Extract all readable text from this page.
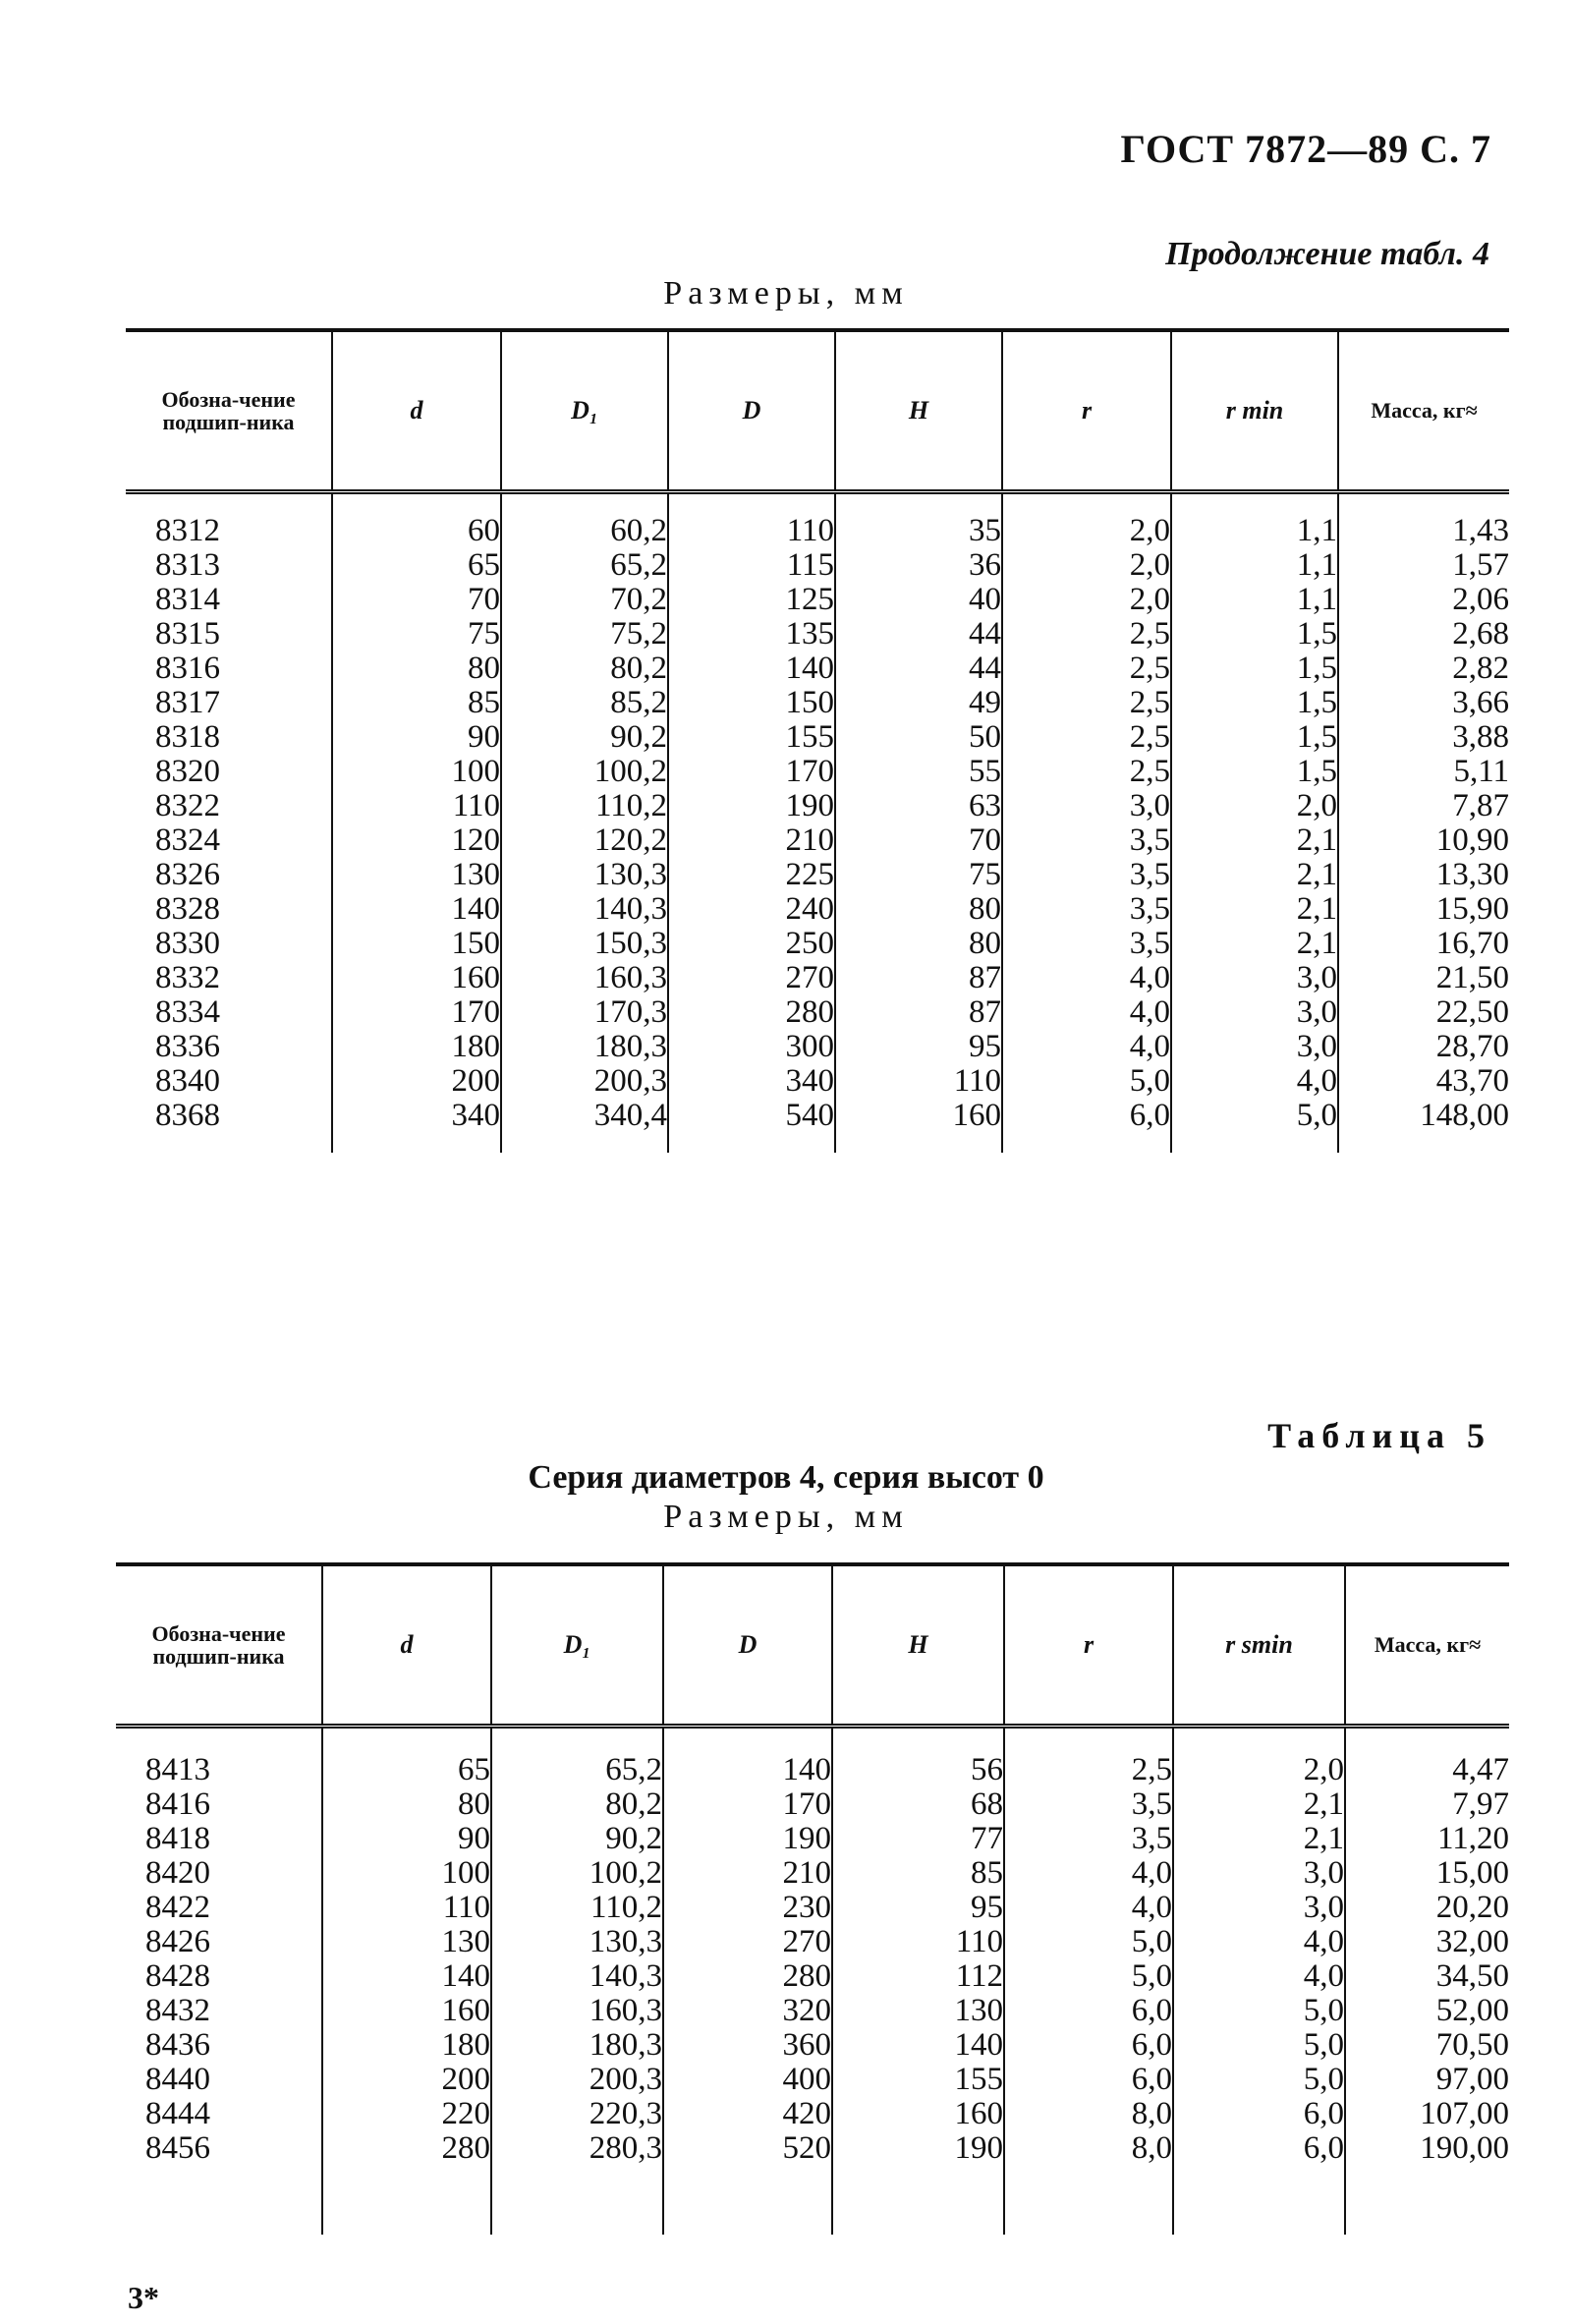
ГОСТ 7872—89 С. 7
Продолжение табл. 4
Размеры, мм
Обозна-чение подшип-ника	d	D₁	D	H	r	r min	Масса, кг≈

8312	60	60,2	110	35	2,0	1,1	1,43
8313	65	65,2	115	36	2,0	1,1	1,57
8314	70	70,2	125	40	2,0	1,1	2,06
8315	75	75,2	135	44	2,5	1,5	2,68
8316	80	80,2	140	44	2,5	1,5	2,82
8317	85	85,2	150	49	2,5	1,5	3,66
8318	90	90,2	155	50	2,5	1,5	3,88
8320	100	100,2	170	55	2,5	1,5	5,11
8322	110	110,2	190	63	3,0	2,0	7,87
8324	120	120,2	210	70	3,5	2,1	10,90
8326	130	130,3	225	75	3,5	2,1	13,30
8328	140	140,3	240	80	3,5	2,1	15,90
8330	150	150,3	250	80	3,5	2,1	16,70
8332	160	160,3	270	87	4,0	3,0	21,50
8334	170	170,3	280	87	4,0	3,0	22,50
8336	180	180,3	300	95	4,0	3,0	28,70
8340	200	200,3	340	110	5,0	4,0	43,70
8368	340	340,4	540	160	6,0	5,0	148,00

Таблица 5
Серия диаметров 4, серия высот 0
Размеры, мм
Обозна-чение подшип-ника	d	D₁	D	H	r	r smin	Масса, кг≈

8413	65	65,2	140	56	2,5	2,0	4,47
8416	80	80,2	170	68	3,5	2,1	7,97
8418	90	90,2	190	77	3,5	2,1	11,20
8420	100	100,2	210	85	4,0	3,0	15,00
8422	110	110,2	230	95	4,0	3,0	20,20
8426	130	130,3	270	110	5,0	4,0	32,00
8428	140	140,3	280	112	5,0	4,0	34,50
8432	160	160,3	320	130	6,0	5,0	52,00
8436	180	180,3	360	140	6,0	5,0	70,50
8440	200	200,3	400	155	6,0	5,0	97,00
8444	220	220,3	420	160	8,0	6,0	107,00
8456	280	280,3	520	190	8,0	6,0	190,00

3*
